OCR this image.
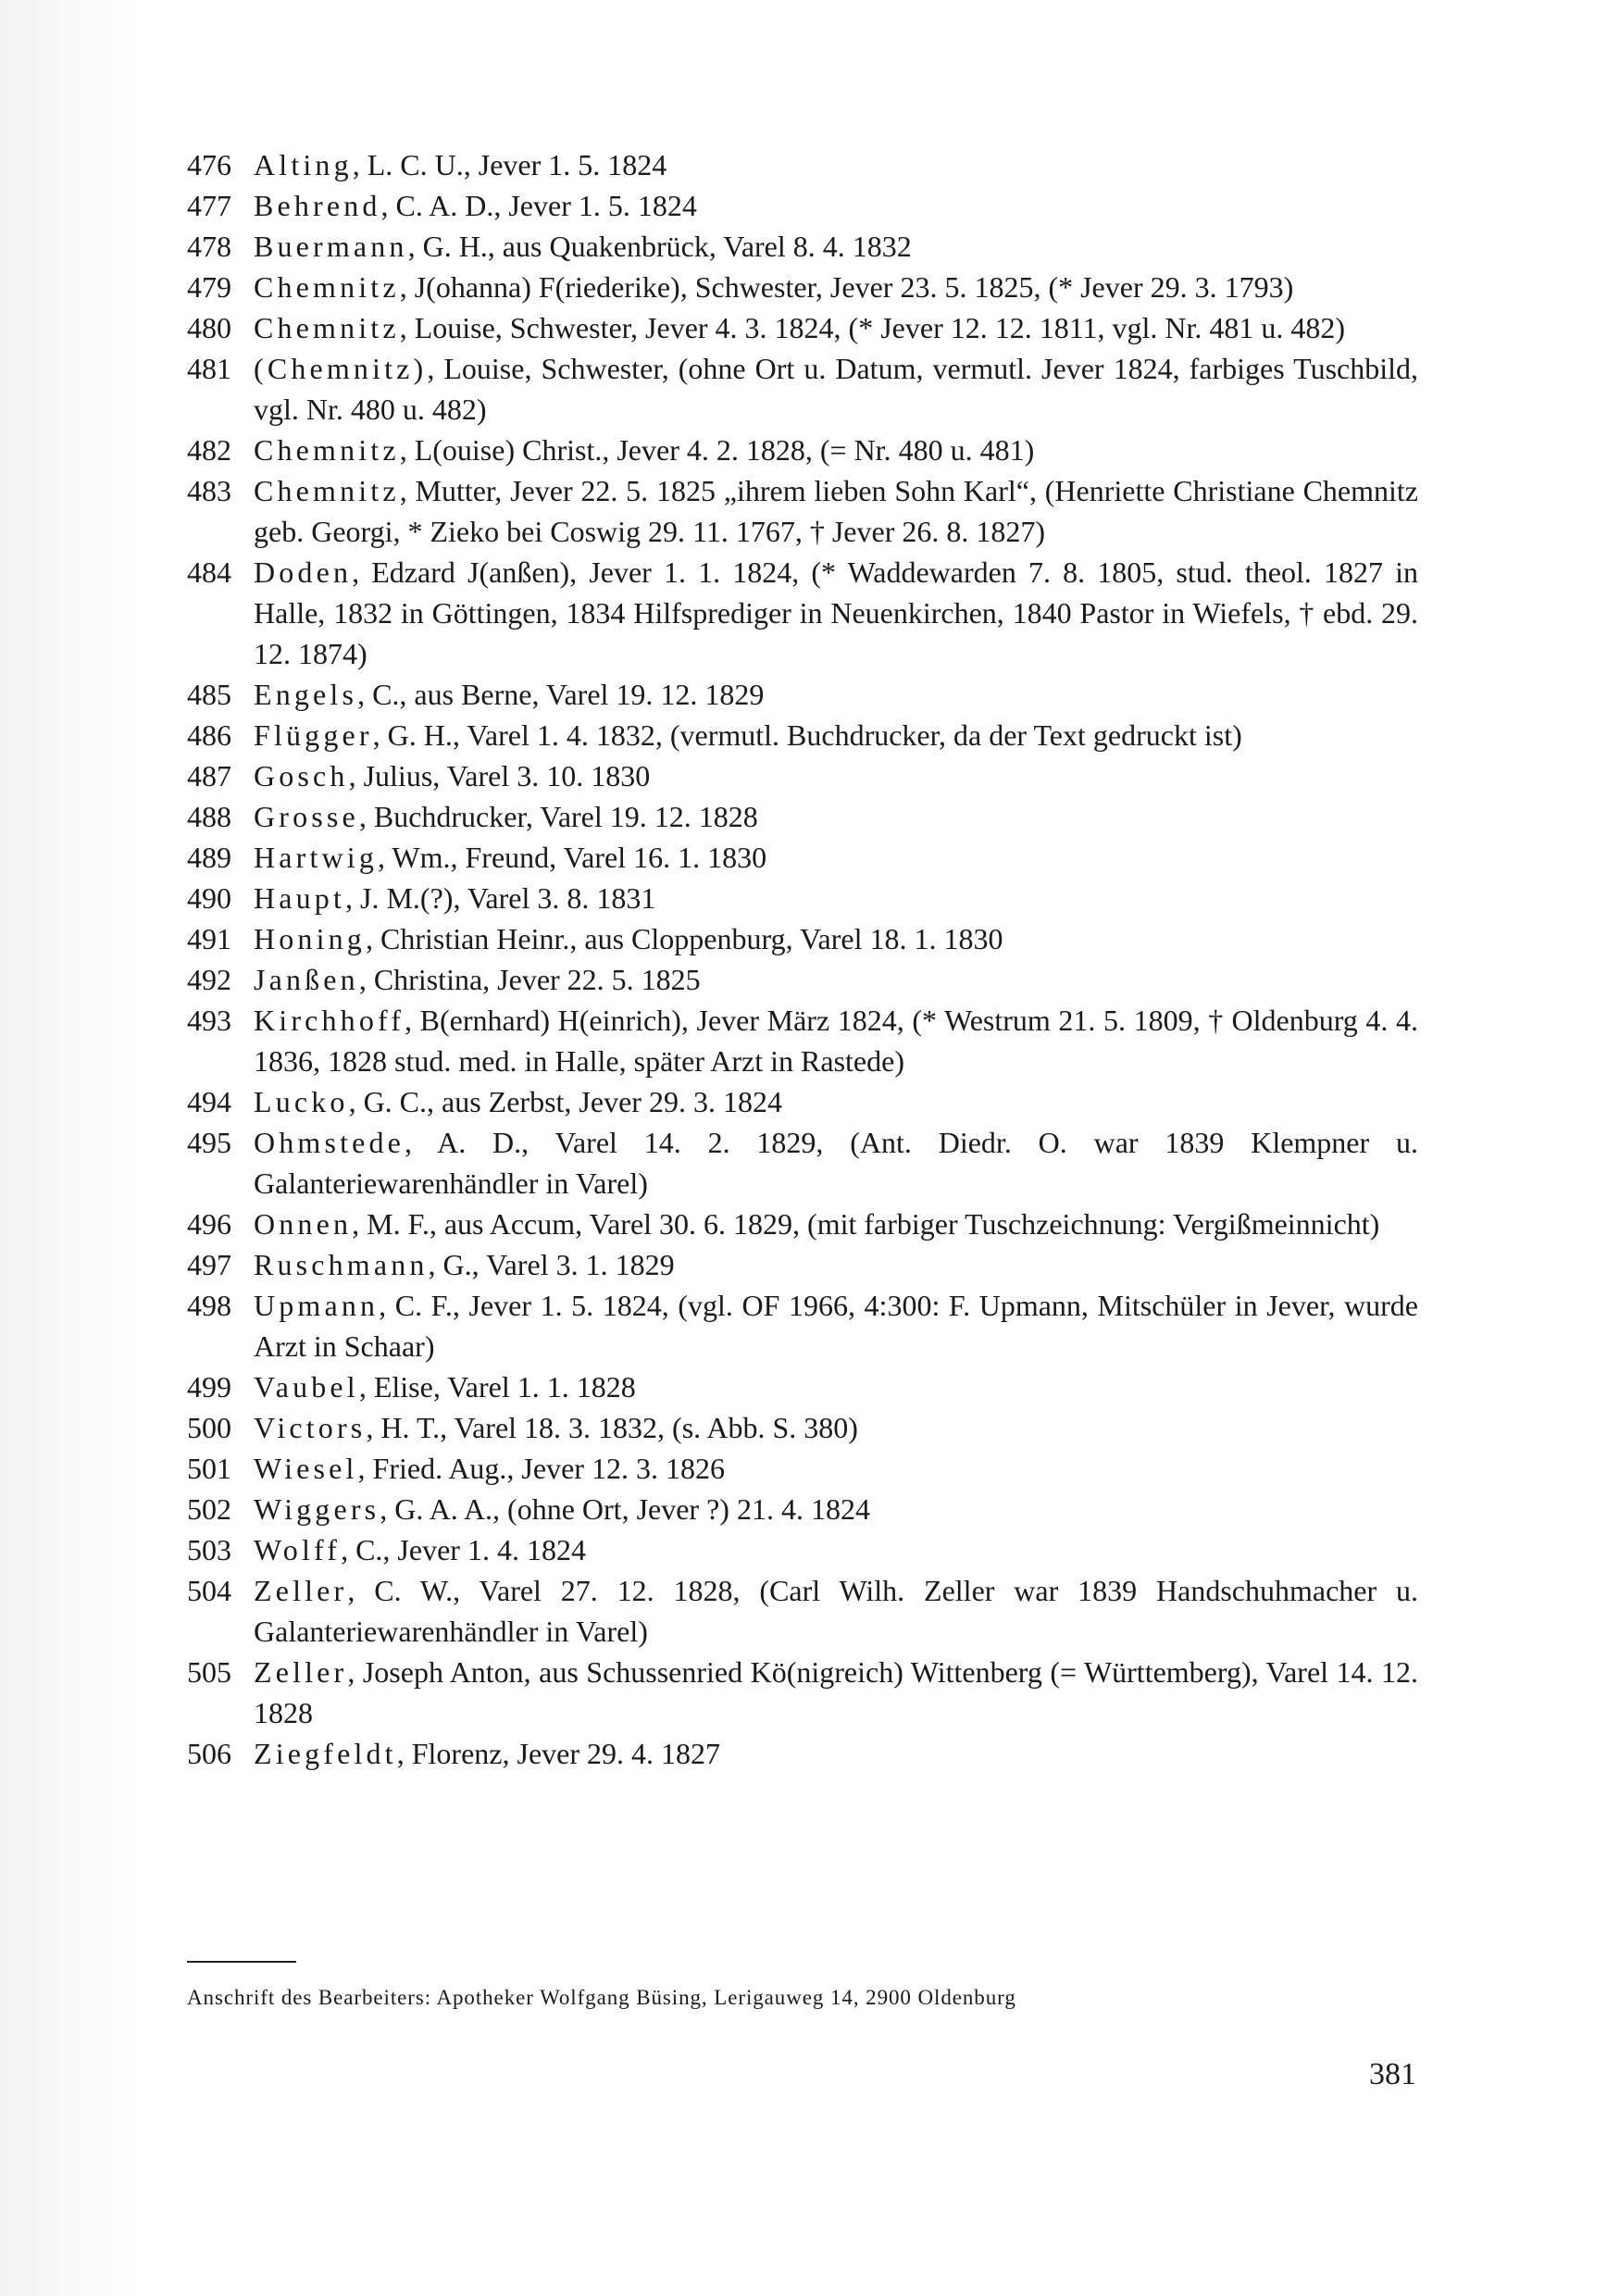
476 Alting, L. C. U., Jever 1. 5. 1824
477 Behrend, C. A. D., Jever 1. 5. 1824
478 Buermann, G. H., aus Quakenbrück, Varel 8. 4. 1832
479 Chemnitz, J(ohanna) F(riederike), Schwester, Jever 23. 5. 1825, (* Jever 29. 3. 1793)
480 Chemnitz, Louise, Schwester, Jever 4. 3. 1824, (* Jever 12. 12. 1811, vgl. Nr. 481 u. 482)
481 (Chemnitz), Louise, Schwester, (ohne Ort u. Datum, vermutl. Jever 1824, farbiges Tuschbild, vgl. Nr. 480 u. 482)
482 Chemnitz, L(ouise) Christ., Jever 4. 2. 1828, (= Nr. 480 u. 481)
483 Chemnitz, Mutter, Jever 22. 5. 1825 „ihrem lieben Sohn Karl“, (Henriette Christiane Chemnitz geb. Georgi, * Zieko bei Coswig 29. 11. 1767, † Jever 26. 8. 1827)
484 Doden, Edzard J(anßen), Jever 1. 1. 1824, (* Waddewarden 7. 8. 1805, stud. theol. 1827 in Halle, 1832 in Göttingen, 1834 Hilfsprediger in Neuenkirchen, 1840 Pastor in Wiefels, † ebd. 29. 12. 1874)
485 Engels, C., aus Berne, Varel 19. 12. 1829
486 Flügger, G. H., Varel 1. 4. 1832, (vermutl. Buchdrucker, da der Text gedruckt ist)
487 Gosch, Julius, Varel 3. 10. 1830
488 Grosse, Buchdrucker, Varel 19. 12. 1828
489 Hartwig, Wm., Freund, Varel 16. 1. 1830
490 Haupt, J. M.(?), Varel 3. 8. 1831
491 Honing, Christian Heinr., aus Cloppenburg, Varel 18. 1. 1830
492 Janßen, Christina, Jever 22. 5. 1825
493 Kirchhoff, B(ernhard) H(einrich), Jever März 1824, (* Westrum 21. 5. 1809, † Oldenburg 4. 4. 1836, 1828 stud. med. in Halle, später Arzt in Rastede)
494 Lucko, G. C., aus Zerbst, Jever 29. 3. 1824
495 Ohmstede, A. D., Varel 14. 2. 1829, (Ant. Diedr. O. war 1839 Klempner u. Galanteriewarenhändler in Varel)
496 Onnen, M. F., aus Accum, Varel 30. 6. 1829, (mit farbiger Tuschzeichnung: Vergißmeinnicht)
497 Ruschmann, G., Varel 3. 1. 1829
498 Upmann, C. F., Jever 1. 5. 1824, (vgl. OF 1966, 4:300: F. Upmann, Mitschüler in Jever, wurde Arzt in Schaar)
499 Vaubel, Elise, Varel 1. 1. 1828
500 Victors, H. T., Varel 18. 3. 1832, (s. Abb. S. 380)
501 Wiesel, Fried. Aug., Jever 12. 3. 1826
502 Wiggers, G. A. A., (ohne Ort, Jever ?) 21. 4. 1824
503 Wolff, C., Jever 1. 4. 1824
504 Zeller, C. W., Varel 27. 12. 1828, (Carl Wilh. Zeller war 1839 Handschuhmacher u. Galanteriewarenhändler in Varel)
505 Zeller, Joseph Anton, aus Schussenried Kö(nigreich) Wittenberg (= Württemberg), Varel 14. 12. 1828
506 Ziegfeldt, Florenz, Jever 29. 4. 1827
Anschrift des Bearbeiters: Apotheker Wolfgang Büsing, Lerigauweg 14, 2900 Oldenburg
381
